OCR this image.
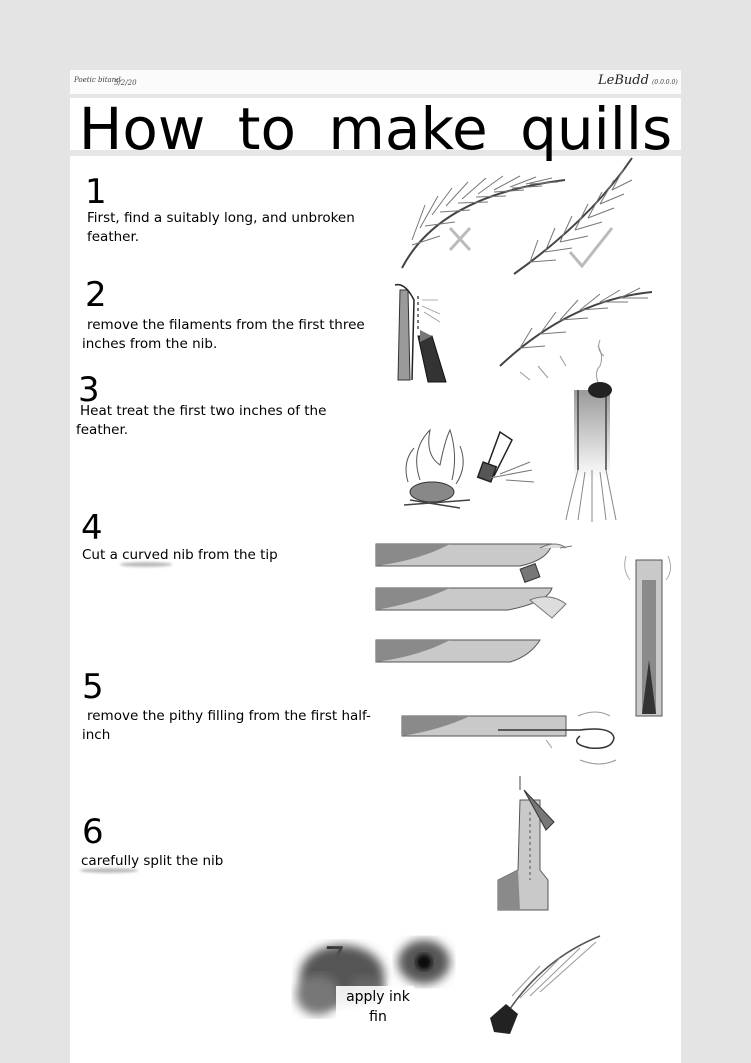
Poetic bitand
5/2/20	LeBudd (0.0.0.0)
How to make quills
1
2
3
4
5
6
First, find a suitably long, and unbroken feather.
remove the filaments from the first three inches from the nib.
Heat treat the first two inches of the feather.
Cut a curved nib from the tip
remove the pithy filling from the first half-inch
carefully split the nib
apply ink
fin
